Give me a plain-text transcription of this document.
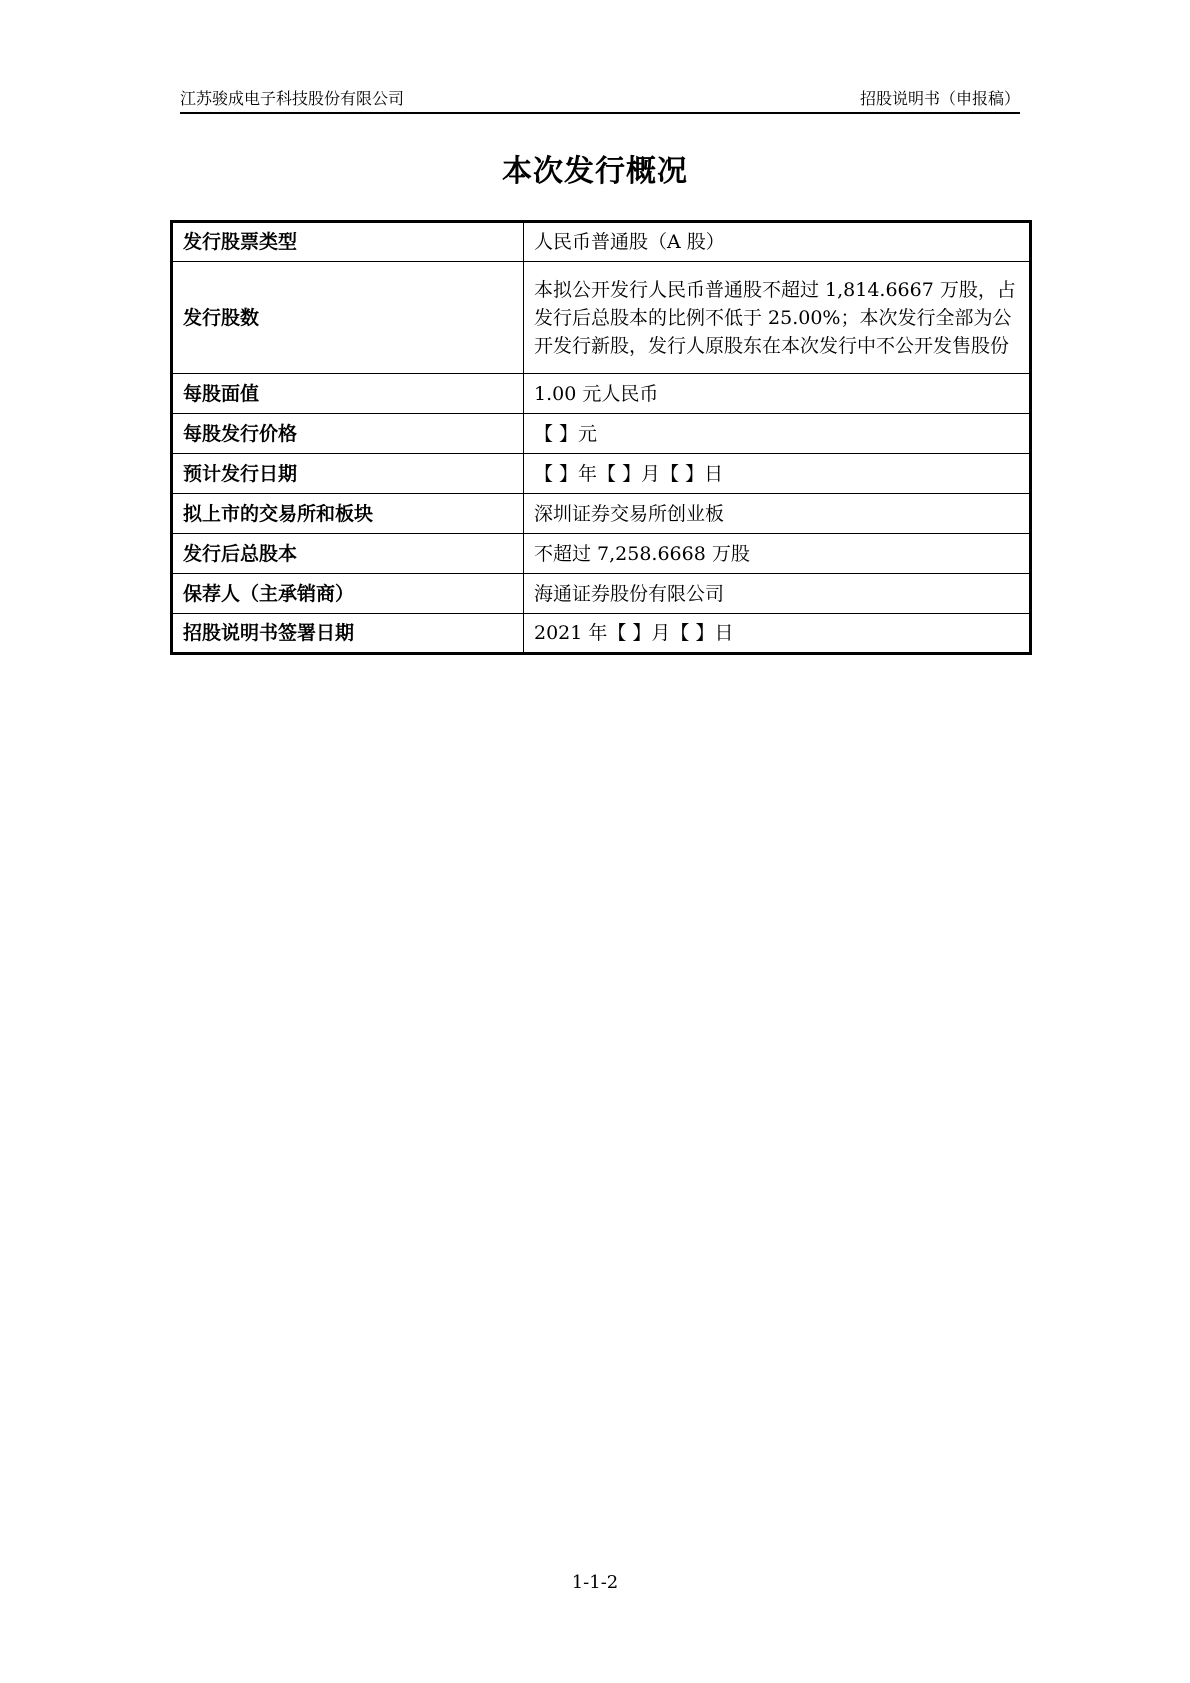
江苏骏成电子科技股份有限公司	招股说明书（申报稿）
本次发行概况
发行股票类型	人民币普通股（A 股）
发行股数	本拟公开发行人民币普通股不超过 1,814.6667 万股，占发行后总股本的比例不低于 25.00%；本次发行全部为公开发行新股，发行人原股东在本次发行中不公开发售股份
每股面值	1.00 元人民币
每股发行价格	【 】元
预计发行日期	【 】年【 】月【 】日
拟上市的交易所和板块	深圳证券交易所创业板
发行后总股本	不超过 7,258.6668 万股
保荐人（主承销商）	海通证券股份有限公司
招股说明书签署日期	2021 年【 】月【 】日
1-1-2
